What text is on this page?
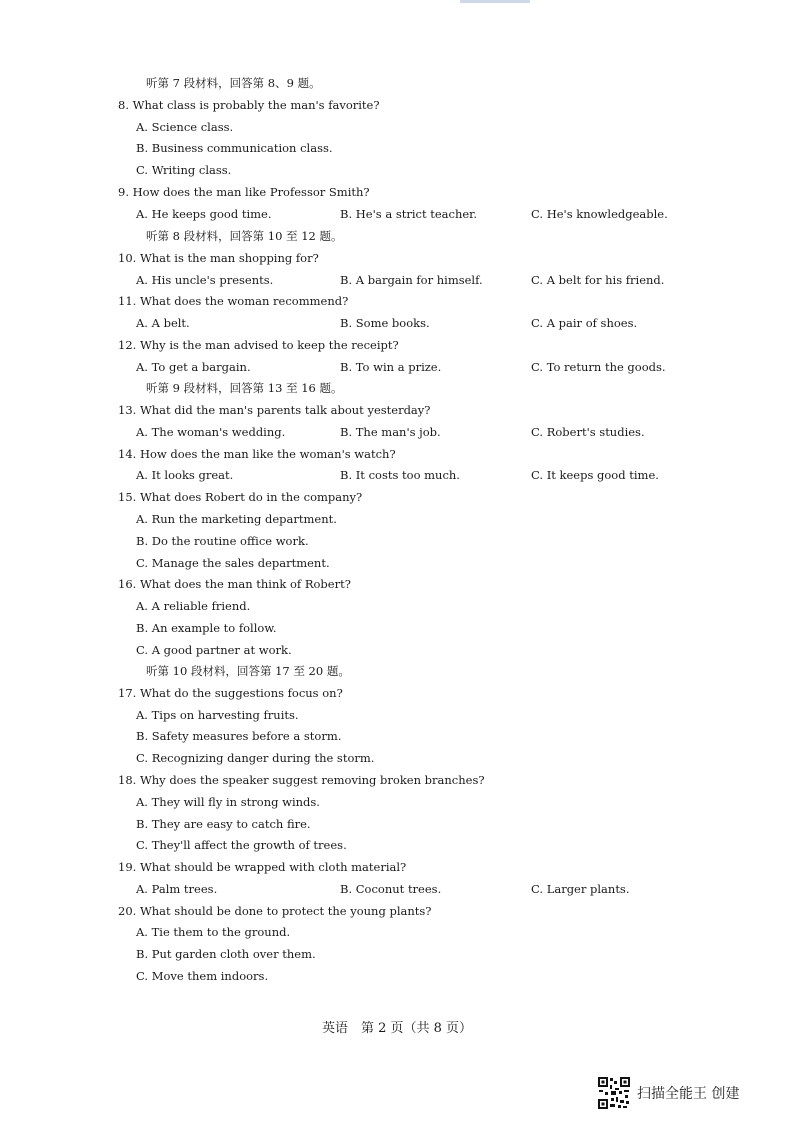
听第 7 段材料，回答第 8、9 题。
8. What class is probably the man's favorite?
A. Science class.
B. Business communication class.
C. Writing class.
9. How does the man like Professor Smith?
A. He keeps good time.	B. He's a strict teacher.	C. He's knowledgeable.
听第 8 段材料，回答第 10 至 12 题。
10. What is the man shopping for?
A. His uncle's presents.	B. A bargain for himself.	C. A belt for his friend.
11. What does the woman recommend?
A. A belt.	B. Some books.	C. A pair of shoes.
12. Why is the man advised to keep the receipt?
A. To get a bargain.	B. To win a prize.	C. To return the goods.
听第 9 段材料，回答第 13 至 16 题。
13. What did the man's parents talk about yesterday?
A. The woman's wedding.	B. The man's job.	C. Robert's studies.
14. How does the man like the woman's watch?
A. It looks great.	B. It costs too much.	C. It keeps good time.
15. What does Robert do in the company?
A. Run the marketing department.
B. Do the routine office work.
C. Manage the sales department.
16. What does the man think of Robert?
A. A reliable friend.
B. An example to follow.
C. A good partner at work.
听第 10 段材料，回答第 17 至 20 题。
17. What do the suggestions focus on?
A. Tips on harvesting fruits.
B. Safety measures before a storm.
C. Recognizing danger during the storm.
18. Why does the speaker suggest removing broken branches?
A. They will fly in strong winds.
B. They are easy to catch fire.
C. They'll affect the growth of trees.
19. What should be wrapped with cloth material?
A. Palm trees.	B. Coconut trees.	C. Larger plants.
20. What should be done to protect the young plants?
A. Tie them to the ground.
B. Put garden cloth over them.
C. Move them indoors.
英语　第 2 页（共 8 页）
扫描全能王 创建
